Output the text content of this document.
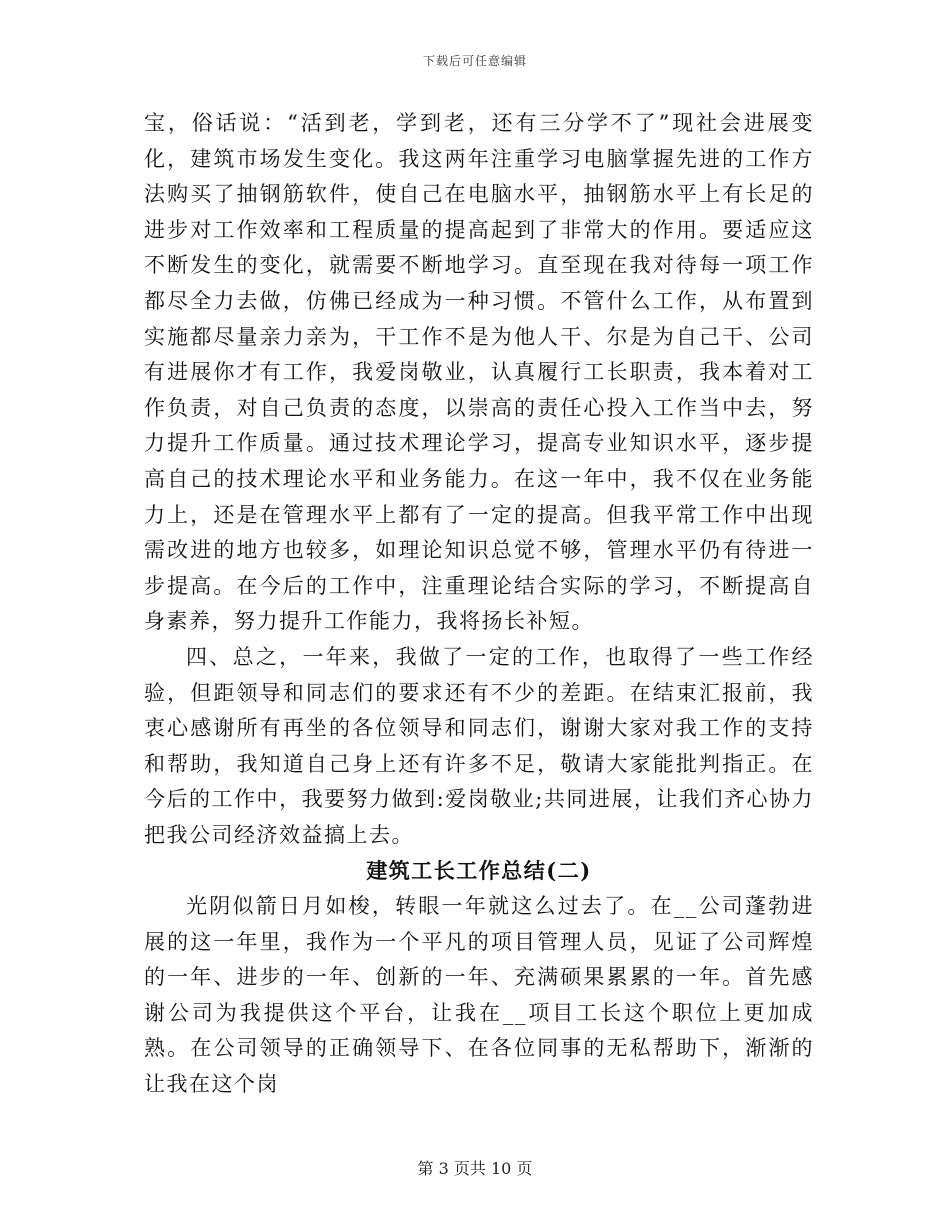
下载后可任意编辑

宝，俗话说：“活到老，学到老，还有三分学不了”现社会进展变化，建筑市场发生变化。我这两年注重学习电脑掌握先进的工作方法购买了抽钢筋软件，使自己在电脑水平，抽钢筋水平上有长足的进步对工作效率和工程质量的提高起到了非常大的作用。要适应这不断发生的变化，就需要不断地学习。直至现在我对待每一项工作都尽全力去做，仿佛已经成为一种习惯。不管什么工作，从布置到实施都尽量亲力亲为，干工作不是为他人干、尔是为自己干、公司有进展你才有工作，我爱岗敬业，认真履行工长职责，我本着对工作负责，对自己负责的态度，以崇高的责任心投入工作当中去，努力提升工作质量。通过技术理论学习，提高专业知识水平，逐步提高自己的技术理论水平和业务能力。在这一年中，我不仅在业务能力上，还是在管理水平上都有了一定的提高。但我平常工作中出现需改进的地方也较多，如理论知识总觉不够，管理水平仍有待进一步提高。在今后的工作中，注重理论结合实际的学习，不断提高自身素养，努力提升工作能力，我将扬长补短。

四、总之，一年来，我做了一定的工作，也取得了一些工作经验，但距领导和同志们的要求还有不少的差距。在结束汇报前，我衷心感谢所有再坐的各位领导和同志们，谢谢大家对我工作的支持和帮助，我知道自己身上还有许多不足，敬请大家能批判指正。在今后的工作中，我要努力做到:爱岗敬业;共同进展，让我们齐心协力把我公司经济效益搞上去。

建筑工长工作总结(二)

光阴似箭日月如梭，转眼一年就这么过去了。在__公司蓬勃进展的这一年里，我作为一个平凡的项目管理人员，见证了公司辉煌的一年、进步的一年、创新的一年、充满硕果累累的一年。首先感谢公司为我提供这个平台，让我在__项目工长这个职位上更加成熟。在公司领导的正确领导下、在各位同事的无私帮助下，渐渐的让我在这个岗

第 3 页共 10 页
